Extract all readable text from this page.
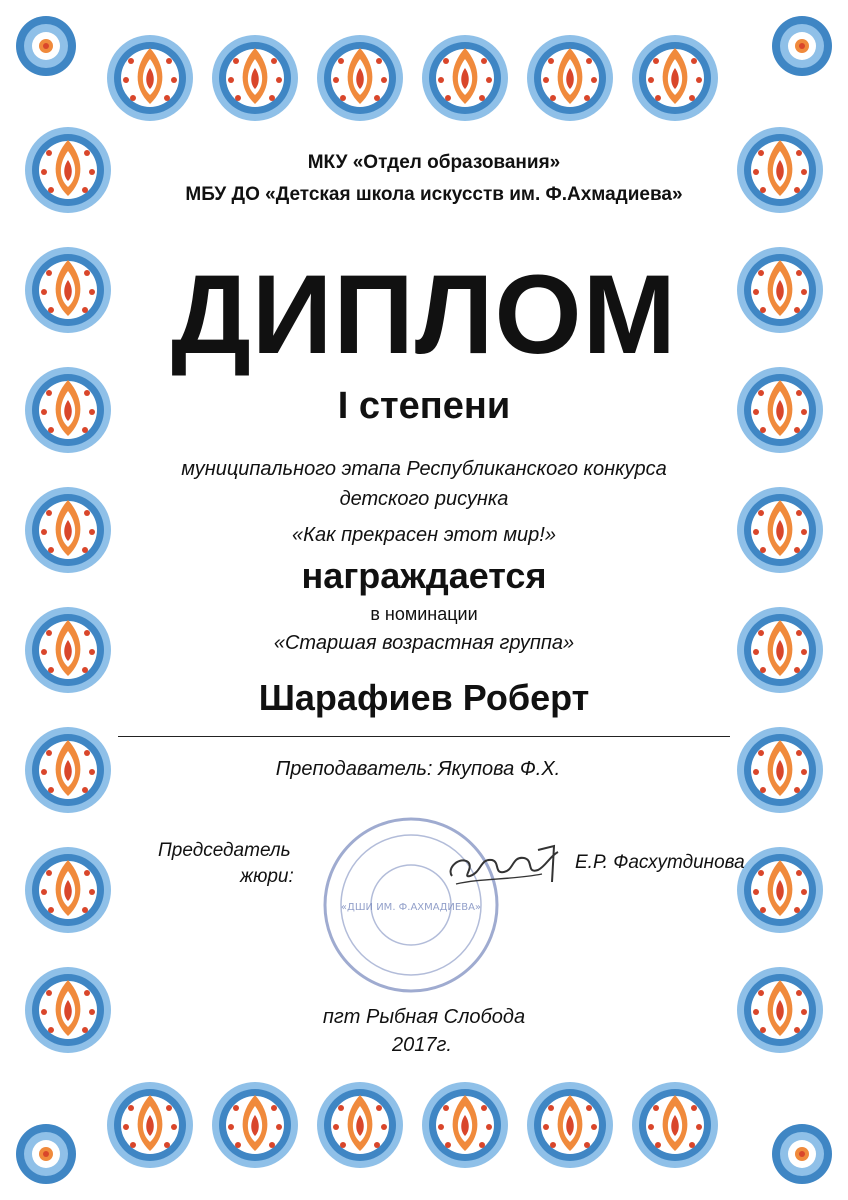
МКУ «Отдел образования»

МБУ ДО «Детская школа искусств им. Ф.Ахмадиева»

ДИПЛОМ

I степени

муниципального этапа Республиканского конкурса

детского рисунка

«Как прекрасен этот мир!»

награждается

в номинации

«Старшая возрастная группа»

Шарафиев Роберт

Преподаватель: Якупова Ф.Х.

«ДШИ ИМ. Ф.АХМАДИЕВА»
Председатель
жюри:
Е.Р. Фасхутдинова

пгт Рыбная Слобода

2017г.
